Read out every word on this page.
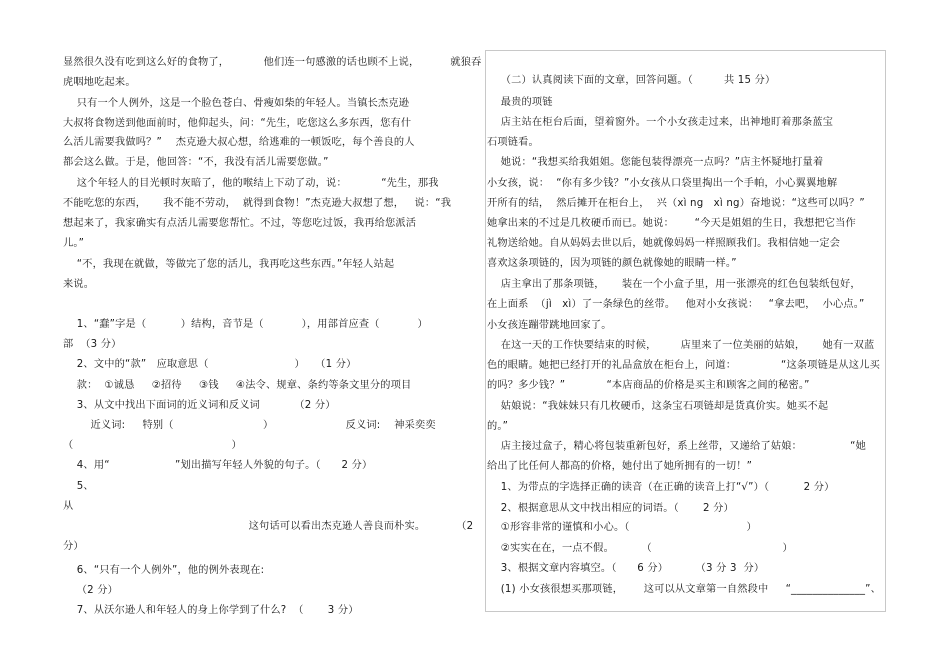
显然很久没有吃到这么好的食物了，          他们连一句感激的话也顾不上说，         就狼吞
虎咽地吃起来。
只有一个人例外，这是一个脸色苍白、骨瘦如柴的年轻人。当镇长杰克逊
大叔将食物送到他面前时，他仰起头，问：“先生，吃您这么多东西，您有什
么活儿需要我做吗？”    杰克逊大叔心想，给逃难的一顿饭吃，每个善良的人
都会这么做。于是，他回答：“不，我没有活儿需要您做。”
这个年轻人的目光顿时灰暗了，他的喉结上下动了动，说：          “先生，那我
不能吃您的东西，     我不能不劳动，  就得到食物！”杰克逊大叔想了想，   说：“我
想起来了，我家确实有点活儿需要您帮忙。不过，等您吃过饭，我再给您派活
儿。”
“不，我现在就做，等做完了您的活儿，我再吃这些东西。”年轻人站起
来说。
1、“蠢”字是（          ）结构，音节是（           ），用部首应查（           ）
部  （3 分）
2、文中的“款”   应取意思（                         ）   （1 分）
款：  ①诚恳     ②招待     ③钱     ④法令、规章、条约等条文里分的项目
3、从文中找出下面词的近义词和反义词          （2 分）
近义词:     特别（                          ）                     反义词:    神采奕奕
（                                              ）
4、用“                   ”划出描写年轻人外貌的句子。（      2 分）
5、
从
这句话可以看出杰克逊人善良而朴实。         （2
分）
6、“只有一个人例外”，他的例外表现在:
（2 分）
7、从沃尔逊人和年轻人的身上你学到了什么?  （       3 分）
（二）认真阅读下面的文章，回答问题。（         共 15 分）
最贵的项链
店主站在柜台后面，望着窗外。一个小女孩走过来，出神地盯着那条蓝宝
石项链看。
她说：“我想买给我姐姐。您能包装得漂亮一点吗？”店主怀疑地打量着
小女孩，说：  “你有多少钱？”小女孩从口袋里掏出一个手帕，小心翼翼地解
开所有的结，  然后摊开在柜台上，  兴（xì ng   xì ng）奋地说：“这些可以吗？”
她拿出来的不过是几枚硬币而已。她说：      “今天是姐姐的生日，我想把它当作
礼物送给她。自从妈妈去世以后，她就像妈妈一样照顾我们。我相信她一定会
喜欢这条项链的，因为项链的颜色就像她的眼睛一样。”
店主拿出了那条项链，     装在一个小盒子里，用一张漂亮的红色包装纸包好，
在上面系  （jì   xì）了一条绿色的丝带。   他对小女孩说：   “拿去吧，  小心点。”
小女孩连蹦带跳地回家了。
在这一天的工作快要结束的时候，       店里来了一位美丽的姑娘，     她有一双蓝
色的眼睛。她把已经打开的礼品盒放在柜台上，问道：             “这条项链是从这儿买
的吗？多少钱？”            “本店商品的价格是买主和顾客之间的秘密。”
姑娘说：“我妹妹只有几枚硬币，这条宝石项链却是货真价实。她买不起
的。”
店主接过盒子，精心将包装重新包好，系上丝带，又递给了姑娘：              “她
给出了比任何人都高的价格，她付出了她所拥有的一切！”
1、为带点的字选择正确的读音（在正确的读音上打“√”）（          2 分）
2、根据意思从文中找出相应的词语。（       2 分）
①形容非常的谨慎和小心。（                                  ）
②实实在在，一点不假。        （                                      ）
3、根据文章内容填空。（      6 分）        （3 分 3  分）
(1) 小女孩很想买那项链，      这可以从文章第一自然段中     “______________”、
